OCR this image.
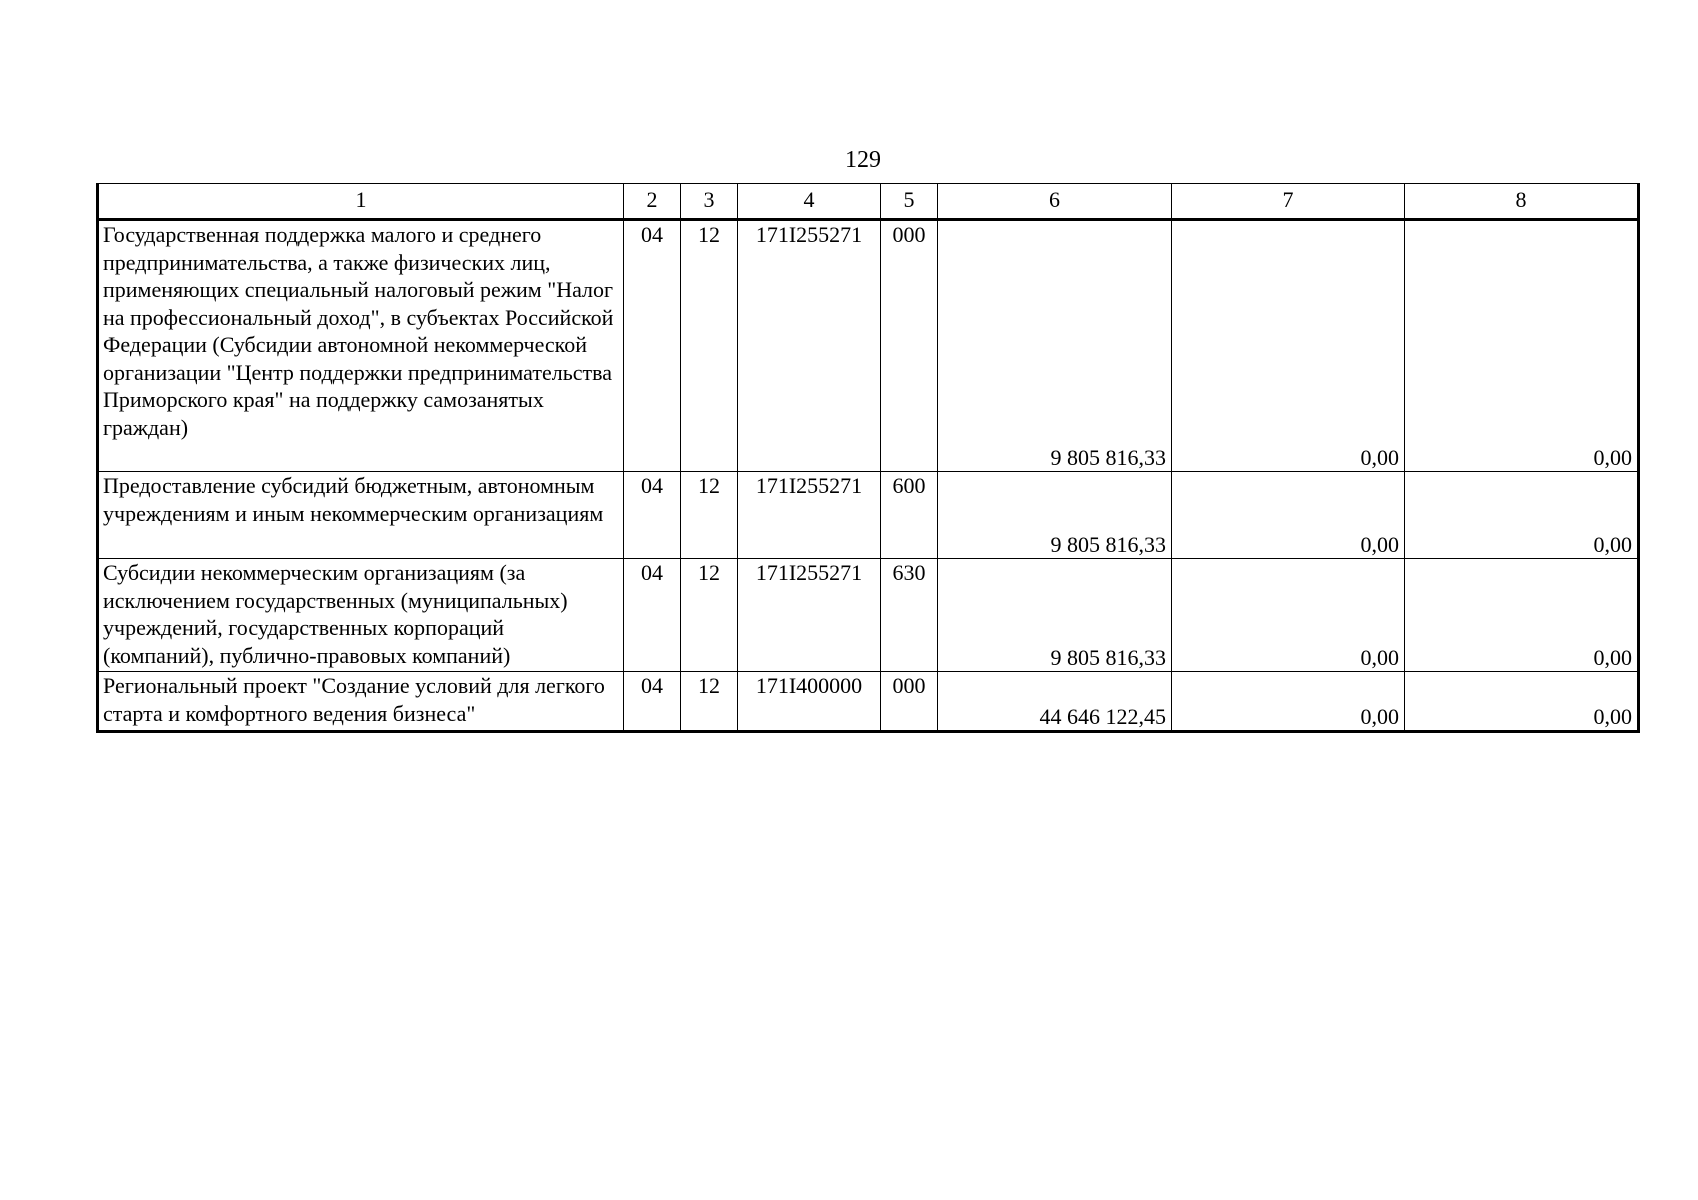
129
1	2	3	4	5	6	7	8
Государственная поддержка малого и среднего предпринимательства, а также физических лиц, применяющих специальный налоговый режим "Налог на профессиональный доход", в субъектах Российской Федерации (Субсидии автономной некоммерческой организации "Центр поддержки предпринимательства Приморского края" на поддержку самозанятых граждан)	04	12	171I255271	000	9 805 816,33	0,00	0,00
Предоставление субсидий бюджетным, автономным учреждениям и иным некоммерческим организациям	04	12	171I255271	600	9 805 816,33	0,00	0,00
Субсидии некоммерческим организациям (за исключением государственных (муниципальных) учреждений, государственных корпораций (компаний), публично-правовых компаний)	04	12	171I255271	630	9 805 816,33	0,00	0,00
Региональный проект "Создание условий для легкого старта и комфортного ведения бизнеса"	04	12	171I400000	000	44 646 122,45	0,00	0,00
